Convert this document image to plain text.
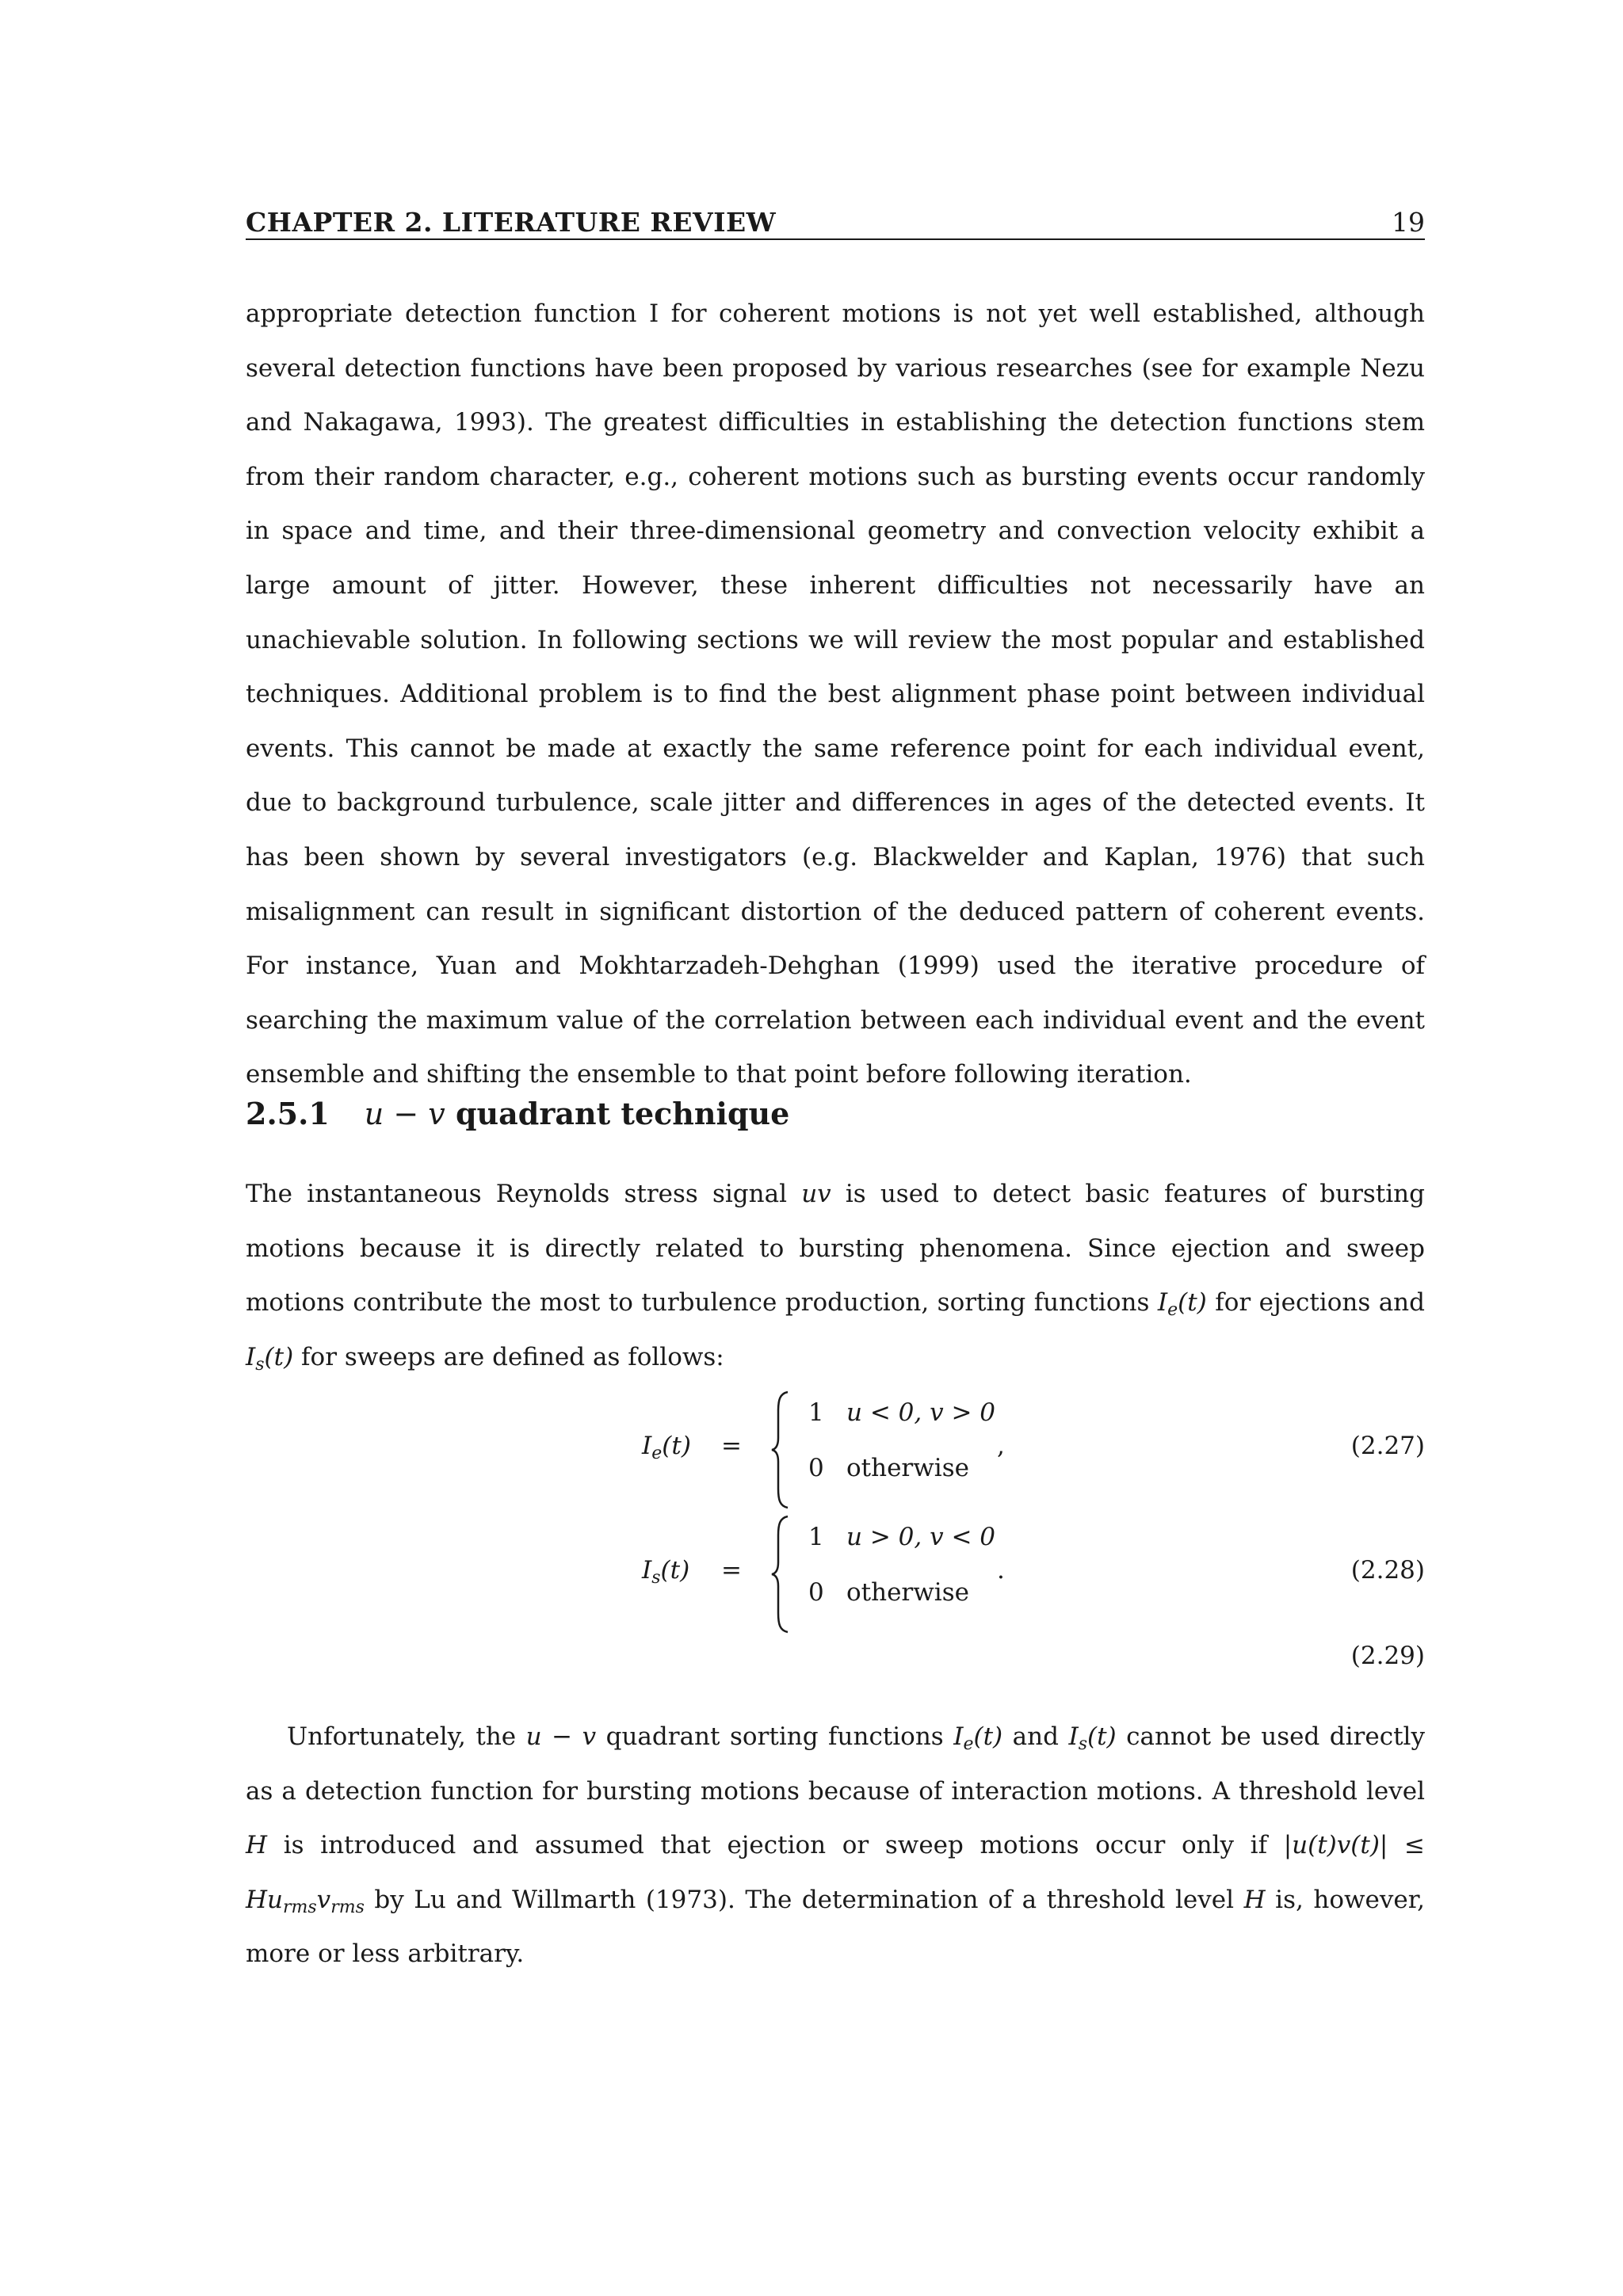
CHAPTER 2. LITERATURE REVIEW	19

appropriate detection function I for coherent motions is not yet well established, although several detection functions have been proposed by various researches (see for example Nezu and Nakagawa, 1993). The greatest difficulties in establishing the detection functions stem from their random character, e.g., coherent motions such as bursting events occur randomly in space and time, and their three-dimensional geometry and convection velocity exhibit a large amount of jitter. However, these inherent difficulties not necessarily have an unachievable solution. In following sections we will review the most popular and established techniques. Additional problem is to find the best alignment phase point between individual events. This cannot be made at exactly the same reference point for each individual event, due to background turbulence, scale jitter and differences in ages of the detected events. It has been shown by several investigators (e.g. Blackwelder and Kaplan, 1976) that such misalignment can result in significant distortion of the deduced pattern of coherent events. For instance, Yuan and Mokhtarzadeh-Dehghan (1999) used the iterative procedure of searching the maximum value of the correlation between each individual event and the event ensemble and shifting the ensemble to that point before following iteration.

2.5.1 u − v quadrant technique

The instantaneous Reynolds stress signal uv is used to detect basic features of bursting motions because it is directly related to bursting phenomena. Since ejection and sweep motions contribute the most to turbulence production, sorting functions $I_e(t)$ for ejections and $I_s(t)$ for sweeps are defined as follows:

$I_e(t)$ =
1 u < 0, v > 0
0 otherwise
,	(2.27)
$I_s(t)$ =
1 u > 0, v < 0
0 otherwise
.	(2.28)
(2.29)

Unfortunately, the u − v quadrant sorting functions $I_e(t)$ and $I_s(t)$ cannot be used directly as a detection function for bursting motions because of interaction motions. A threshold level H is introduced and assumed that ejection or sweep motions occur only if $|u(t)v(t)| \le Hu_{rms}v_{rms}$ by Lu and Willmarth (1973). The determination of a threshold level H is, however, more or less arbitrary.
